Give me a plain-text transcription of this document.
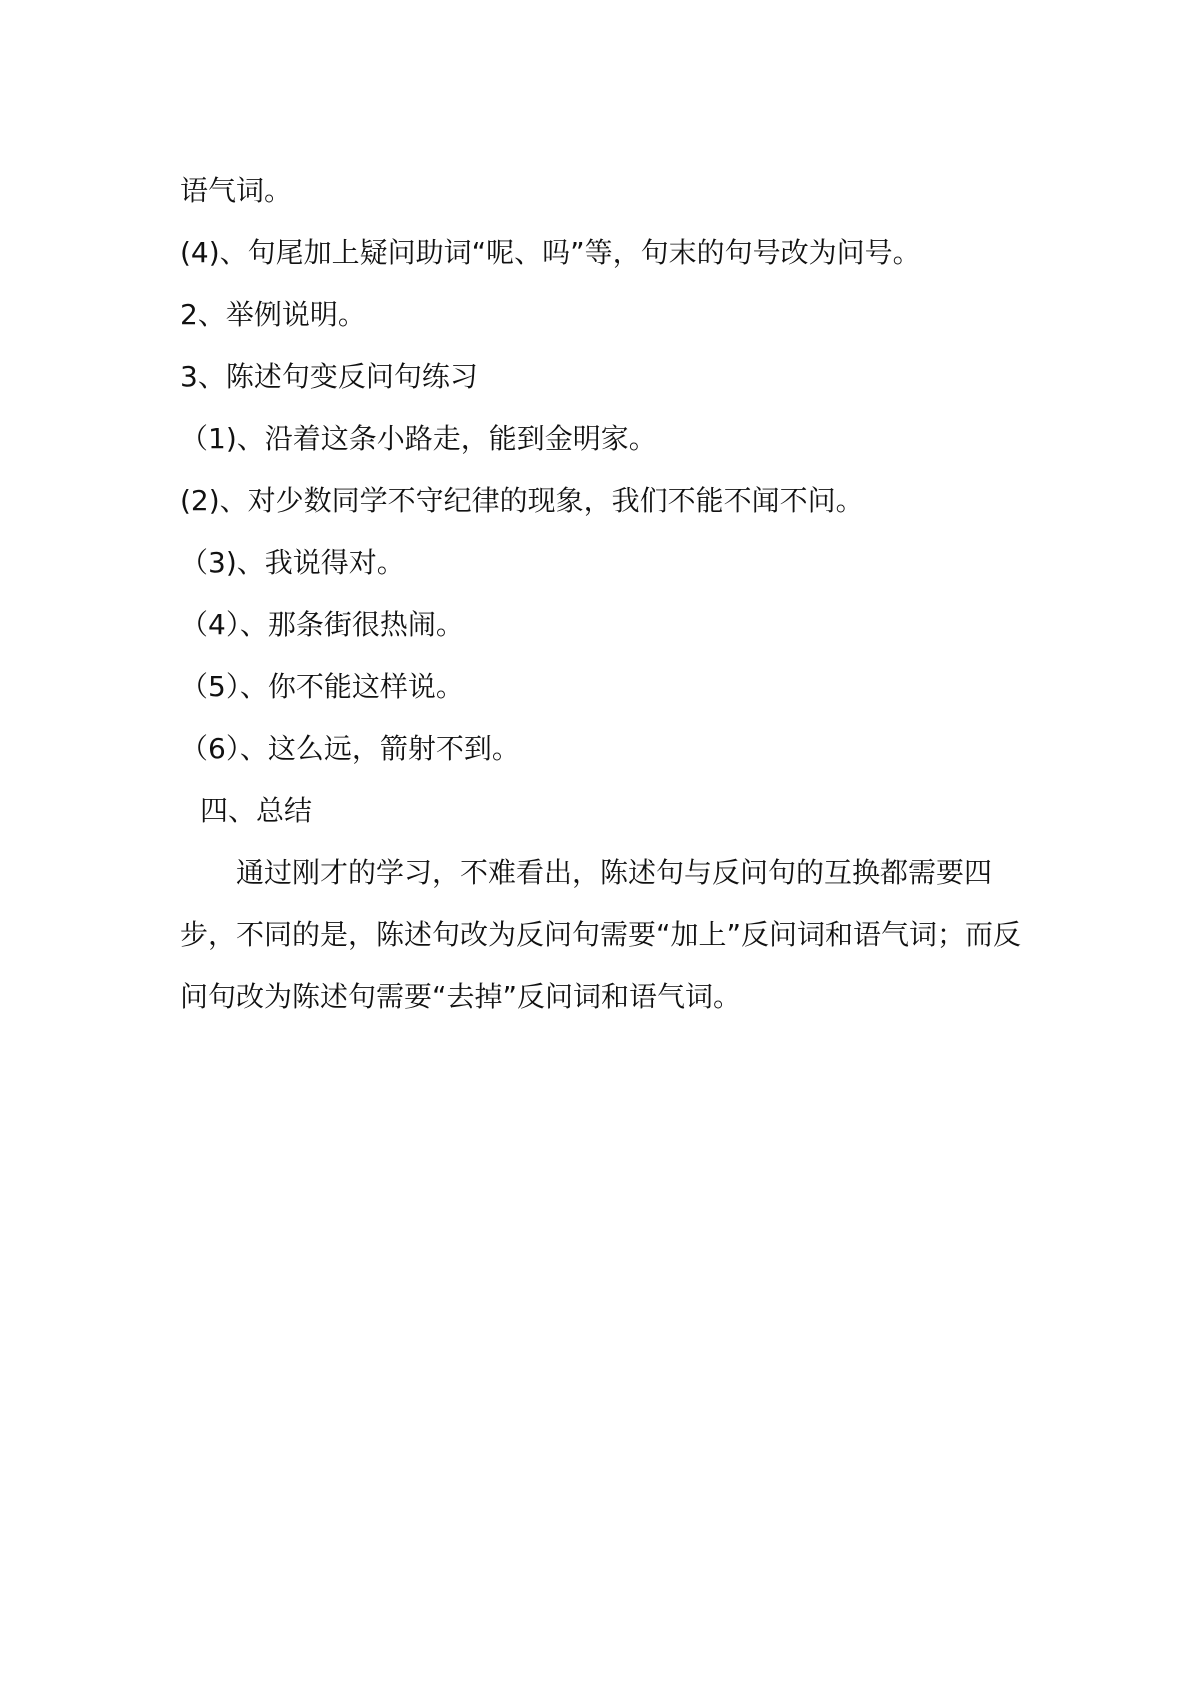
语气词。
(4)、句尾加上疑问助词“呢、吗”等，句末的句号改为问号。
2、举例说明。
3、陈述句变反问句练习
（1)、沿着这条小路走，能到金明家。
(2)、对少数同学不守纪律的现象，我们不能不闻不问。
（3)、我说得对。
（4）、那条街很热闹。
（5）、你不能这样说。
（6）、这么远，箭射不到。
四、总结

通过刚才的学习，不难看出，陈述句与反问句的互换都需要四步，不同的是，陈述句改为反问句需要“加上”反问词和语气词；而反问句改为陈述句需要“去掉”反问词和语气词。
